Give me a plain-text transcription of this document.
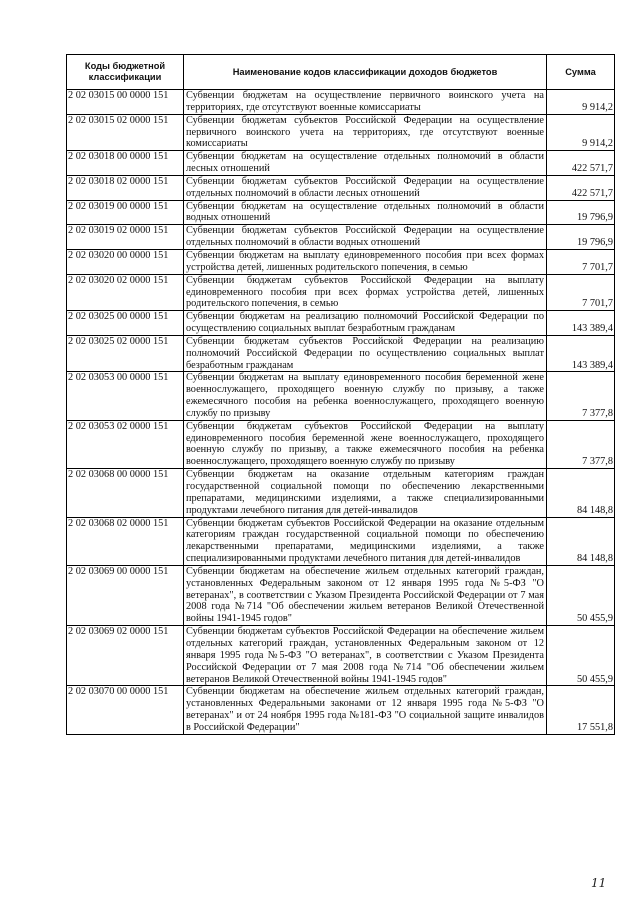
Коды бюджетной классификации	Наименование кодов классификации доходов бюджетов	Сумма
2 02 03015 00 0000 151	Субвенции бюджетам на осуществление первичного воинского учета на территориях, где отсутствуют военные комиссариаты	9 914,2
2 02 03015 02 0000 151	Субвенции бюджетам субъектов Российской Федерации на осуществление первичного воинского учета на территориях, где отсутствуют военные комиссариаты	9 914,2
2 02 03018 00 0000 151	Субвенции бюджетам на осуществление отдельных полномочий в области лесных отношений	422 571,7
2 02 03018 02 0000 151	Субвенции бюджетам субъектов Российской Федерации на осуществление отдельных полномочий в области лесных отношений	422 571,7
2 02 03019 00 0000 151	Субвенции бюджетам на осуществление отдельных полномочий в области водных отношений	19 796,9
2 02 03019 02 0000 151	Субвенции бюджетам субъектов Российской Федерации на осуществление отдельных полномочий в области водных отношений	19 796,9
2 02 03020 00 0000 151	Субвенции бюджетам на выплату единовременного пособия при всех формах устройства детей, лишенных родительского попечения, в семью	7 701,7
2 02 03020 02 0000 151	Субвенции бюджетам субъектов Российской Федерации на выплату единовременного пособия при всех формах устройства детей, лишенных родительского попечения, в семью	7 701,7
2 02 03025 00 0000 151	Субвенции бюджетам на реализацию полномочий Российской Федерации по осуществлению социальных выплат безработным гражданам	143 389,4
2 02 03025 02 0000 151	Субвенции бюджетам субъектов Российской Федерации на реализацию полномочий Российской Федерации по осуществлению социальных выплат безработным гражданам	143 389,4
2 02 03053 00 0000 151	Субвенции бюджетам на выплату единовременного пособия беременной жене военнослужащего, проходящего военную службу по призыву, а также ежемесячного пособия на ребенка военнослужащего, проходящего военную службу по призыву	7 377,8
2 02 03053 02 0000 151	Субвенции бюджетам субъектов Российской Федерации на выплату единовременного пособия беременной жене военнослужащего, проходящего военную службу по призыву, а также ежемесячного пособия на ребенка военнослужащего, проходящего военную службу по призыву	7 377,8
2 02 03068 00 0000 151	Субвенции бюджетам на оказание отдельным категориям граждан государственной социальной помощи по обеспечению лекарственными препаратами, медицинскими изделиями, а также специализированными продуктами лечебного питания для детей-инвалидов	84 148,8
2 02 03068 02 0000 151	Субвенции бюджетам субъектов Российской Федерации на оказание отдельным категориям граждан государственной социальной помощи по обеспечению лекарственными препаратами, медицинскими изделиями, а также специализированными продуктами лечебного питания для детей-инвалидов	84 148,8
2 02 03069 00 0000 151	Субвенции бюджетам на обеспечение жильем отдельных категорий граждан, установленных Федеральным законом от 12 января 1995 года №5-ФЗ "О ветеранах", в соответствии с Указом Президента Российской Федерации от 7 мая 2008 года №714 "Об обеспечении жильем ветеранов Великой Отечественной войны 1941-1945 годов"	50 455,9
2 02 03069 02 0000 151	Субвенции бюджетам субъектов Российской Федерации на обеспечение жильем отдельных категорий граждан, установленных Федеральным законом от 12 января 1995 года №5-ФЗ "О ветеранах", в соответствии с Указом Президента Российской Федерации от 7 мая 2008 года №714 "Об обеспечении жильем ветеранов Великой Отечественной войны 1941-1945 годов"	50 455,9
2 02 03070 00 0000 151	Субвенции бюджетам на обеспечение жильем отдельных категорий граждан, установленных Федеральными законами от 12 января 1995 года №5-ФЗ "О ветеранах" и от 24 ноября 1995 года №181-ФЗ "О социальной защите инвалидов в Российской Федерации"	17 551,8
11
